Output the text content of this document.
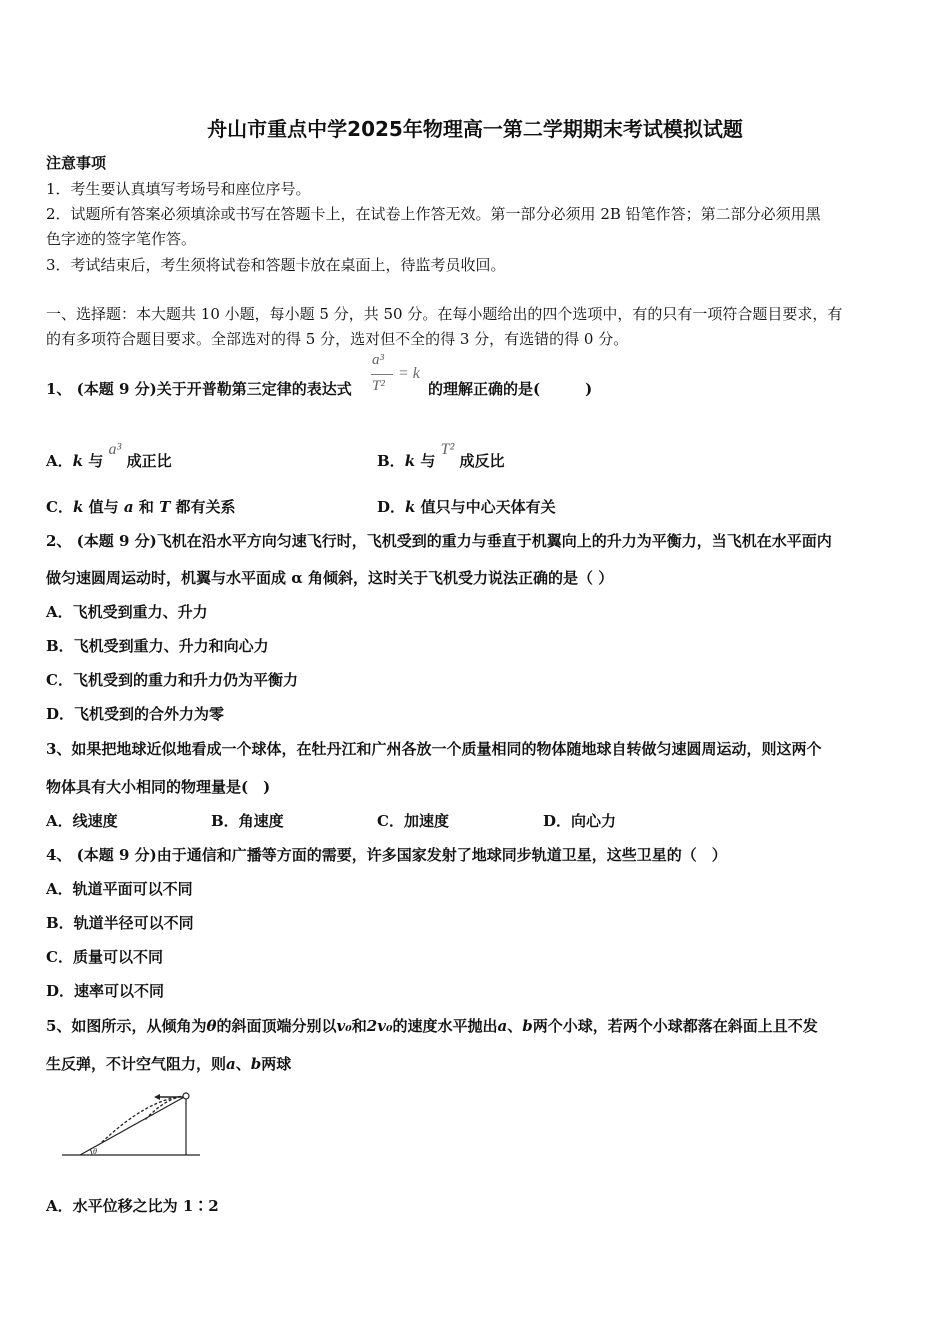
舟山市重点中学2025年物理高一第二学期期末考试模拟试题
注意事项
1．考生要认真填写考场号和座位序号。
2．试题所有答案必须填涂或书写在答题卡上，在试卷上作答无效。第一部分必须用 2B 铅笔作答；第二部分必须用黑
色字迹的签字笔作答。
3．考试结束后，考生须将试卷和答题卡放在桌面上，待监考员收回。
一、选择题：本大题共 10 小题，每小题 5 分，共 50 分。在每小题给出的四个选项中，有的只有一项符合题目要求，有
的有多项符合题目要求。全部选对的得 5 分，选对但不全的得 3 分，有选错的得 0 分。
1、 (本题 9 分)关于开普勒第三定律的表达式
a³
T²
= k
的理解正确的是(　　　)
A．k 与 a³ 成正比	B．k 与 T² 成反比
C．k 值与 a 和 T 都有关系	D．k 值只与中心天体有关
2、 (本题 9 分)飞机在沿水平方向匀速飞行时，飞机受到的重力与垂直于机翼向上的升力为平衡力，当飞机在水平面内
做匀速圆周运动时，机翼与水平面成 α 角倾斜，这时关于飞机受力说法正确的是（ ）
A．飞机受到重力、升力
B．飞机受到重力、升力和向心力
C．飞机受到的重力和升力仍为平衡力
D．飞机受到的合外力为零
3、如果把地球近似地看成一个球体，在牡丹江和广州各放一个质量相同的物体随地球自转做匀速圆周运动，则这两个
物体具有大小相同的物理量是(　)
A．线速度	B．角速度	C．加速度	D．向心力
4、 (本题 9 分)由于通信和广播等方面的需要，许多国家发射了地球同步轨道卫星，这些卫星的（　）
A．轨道平面可以不同
B．轨道半径可以不同
C．质量可以不同
D．速率可以不同
5、如图所示，从倾角为θ的斜面顶端分别以v₀和2v₀的速度水平抛出a、b两个小球，若两个小球都落在斜面上且不发
生反弹，不计空气阻力，则a、b两球
θ
A．水平位移之比为 1∶2
